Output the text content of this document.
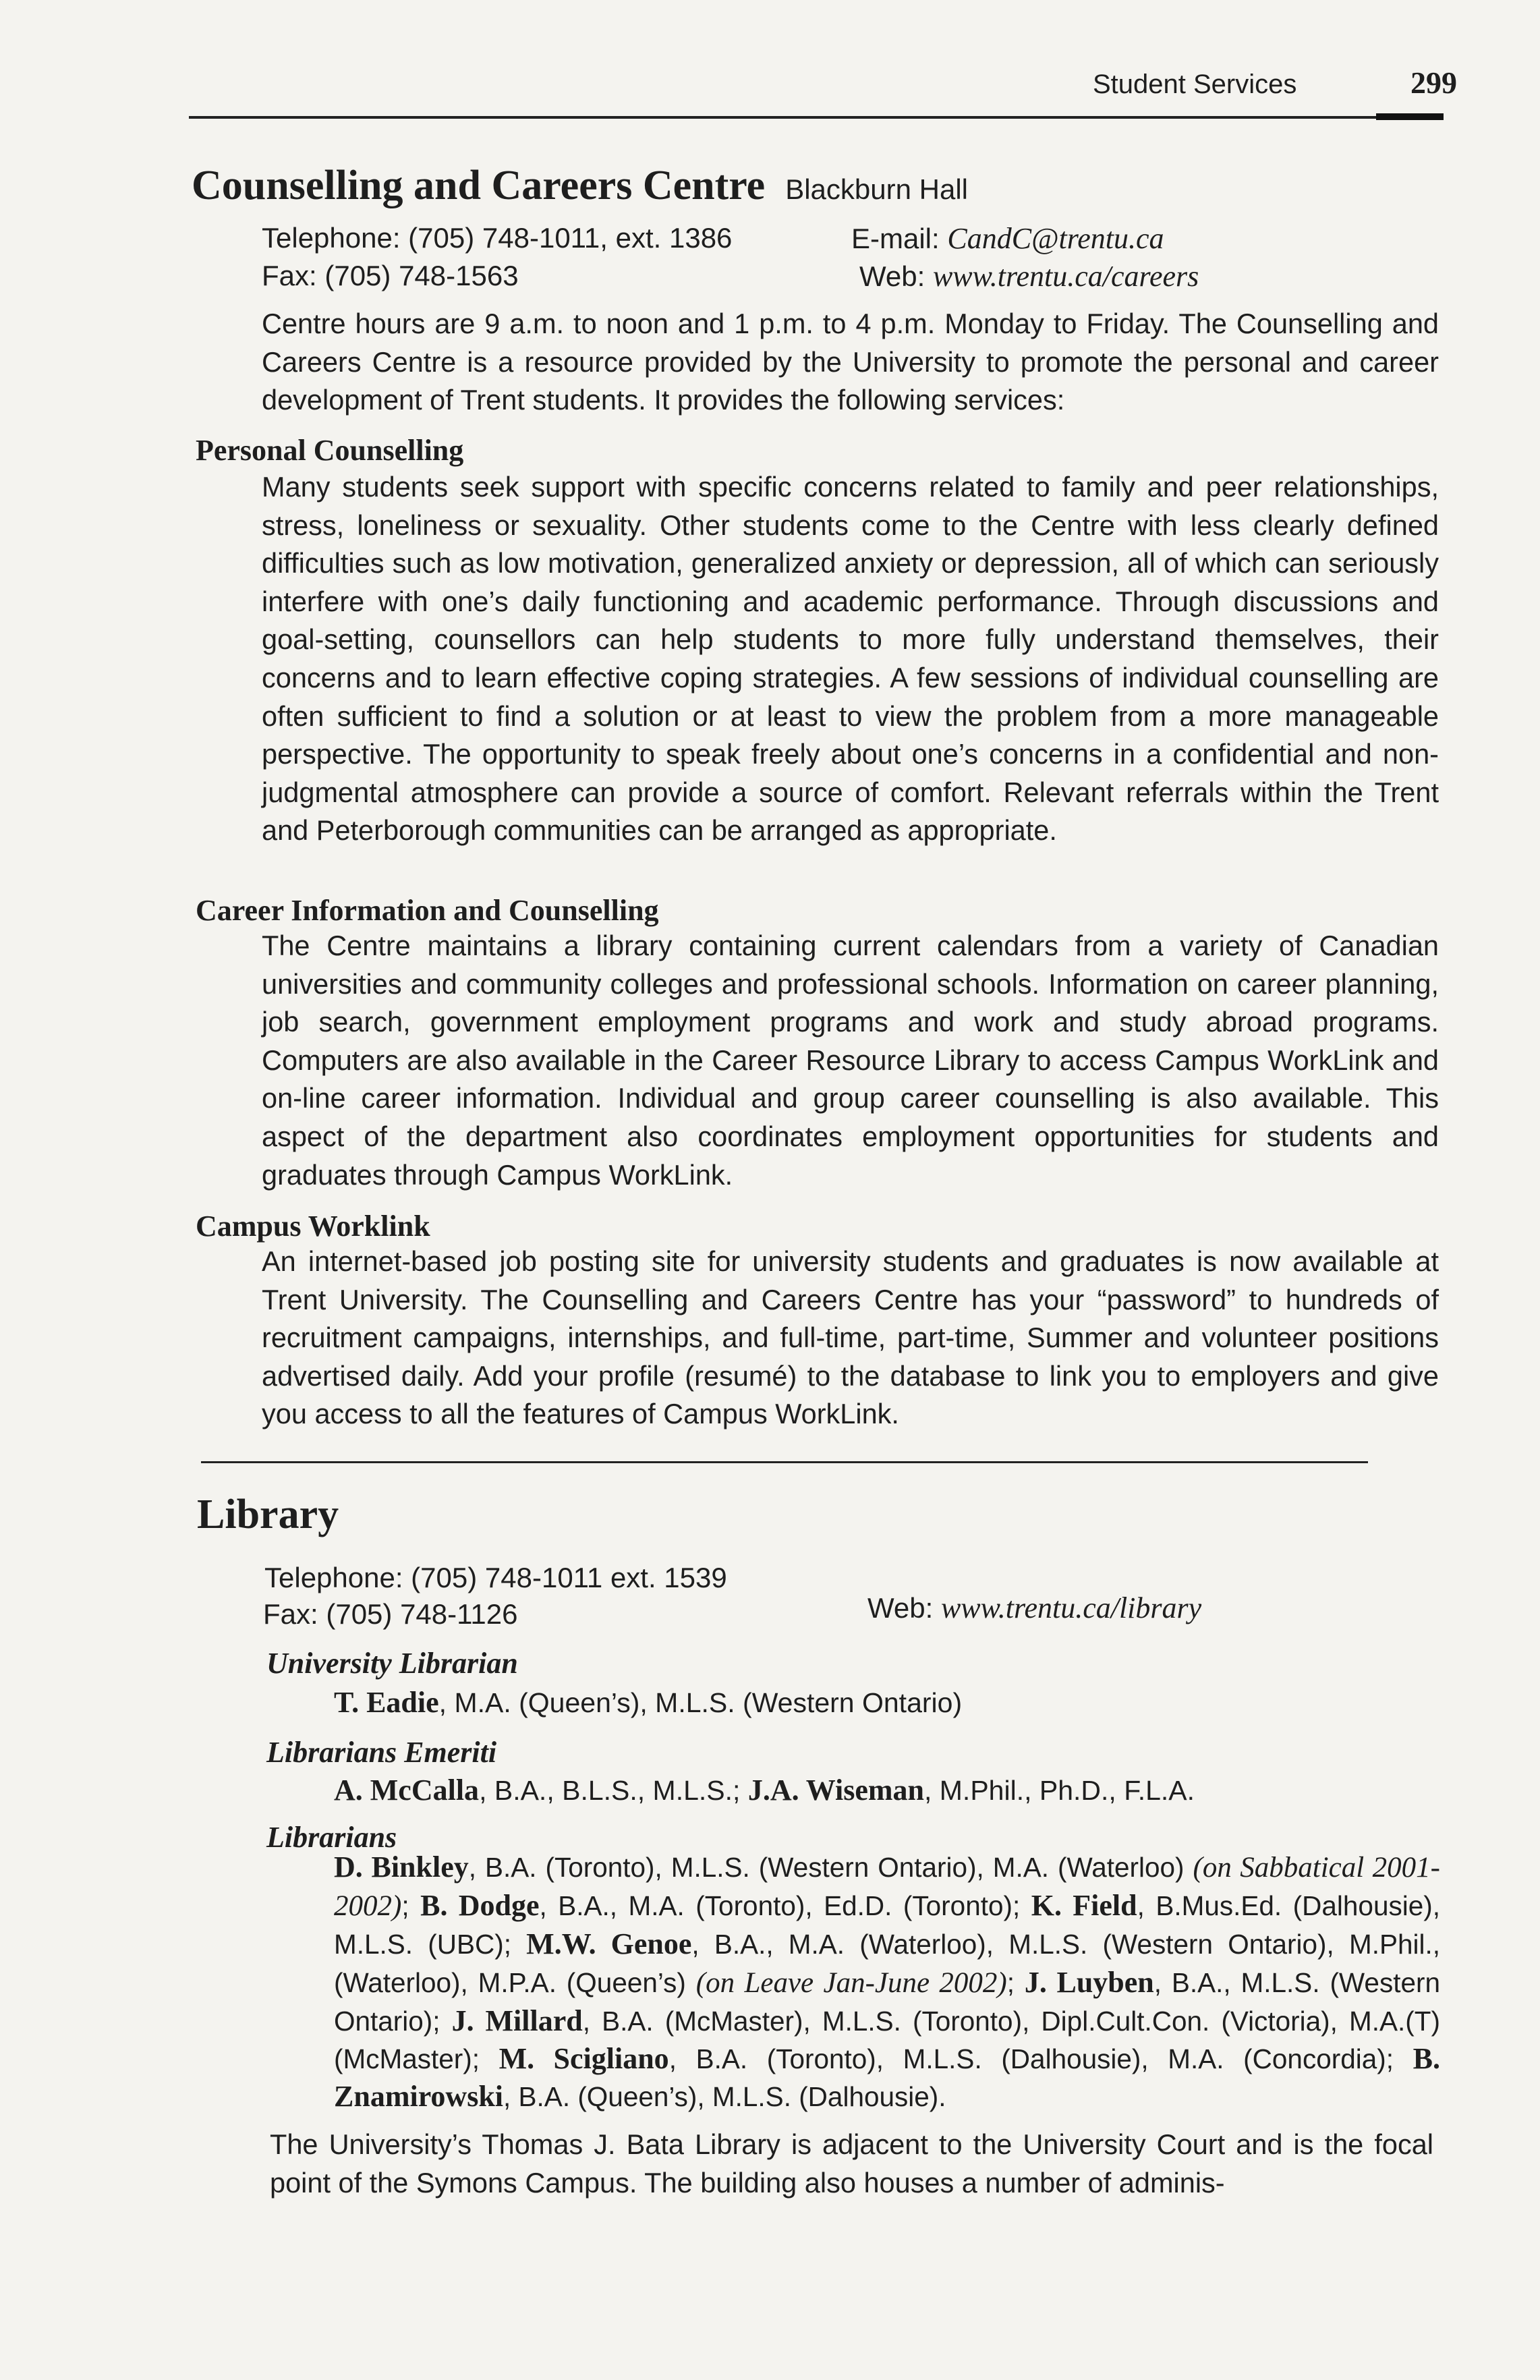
Student Services	299
Counselling and Careers Centre Blackburn Hall
Telephone: (705) 748-1011, ext. 1386	E-mail: CandC@trentu.ca
Fax: (705) 748-1563	Web: www.trentu.ca/careers

Centre hours are 9 a.m. to noon and 1 p.m. to 4 p.m. Monday to Friday. The Counselling and Careers Centre is a resource provided by the University to promote the personal and career development of Trent students. It provides the following services:

Personal Counselling

Many students seek support with specific concerns related to family and peer relationships, stress, loneliness or sexuality. Other students come to the Centre with less clearly defined difficulties such as low motivation, generalized anxiety or depression, all of which can seriously interfere with one’s daily functioning and academic performance. Through discussions and goal-setting, counsellors can help students to more fully understand themselves, their concerns and to learn effective coping strategies. A few sessions of individual counselling are often sufficient to find a solution or at least to view the problem from a more manageable perspective. The opportunity to speak freely about one’s concerns in a confidential and non-judgmental atmosphere can provide a source of comfort. Relevant referrals within the Trent and Peterborough communities can be arranged as appropriate.

Career Information and Counselling

The Centre maintains a library containing current calendars from a variety of Canadian universities and community colleges and professional schools. Information on career planning, job search, government employment programs and work and study abroad programs. Computers are also available in the Career Resource Library to access Campus WorkLink and on-line career information. Individual and group career counselling is also available. This aspect of the department also coordinates employment opportunities for students and graduates through Campus WorkLink.

Campus Worklink

An internet-based job posting site for university students and graduates is now available at Trent University. The Counselling and Careers Centre has your “password” to hundreds of recruitment campaigns, internships, and full-time, part-time, Summer and volunteer positions advertised daily. Add your profile (resumé) to the database to link you to employers and give you access to all the features of Campus WorkLink.

Library
Telephone: (705) 748-1011 ext. 1539
Fax: (705) 748-1126	Web: www.trentu.ca/library
University Librarian
T. Eadie, M.A. (Queen’s), M.L.S. (Western Ontario)
Librarians Emeriti
A. McCalla, B.A., B.L.S., M.L.S.; J.A. Wiseman, M.Phil., Ph.D., F.L.A.
Librarians

D. Binkley, B.A. (Toronto), M.L.S. (Western Ontario), M.A. (Waterloo) (on Sabbatical 2001-2002); B. Dodge, B.A., M.A. (Toronto), Ed.D. (Toronto); K. Field, B.Mus.Ed. (Dalhousie), M.L.S. (UBC); M.W. Genoe, B.A., M.A. (Waterloo), M.L.S. (Western Ontario), M.Phil., (Waterloo), M.P.A. (Queen’s) (on Leave Jan-June 2002); J. Luyben, B.A., M.L.S. (Western Ontario); J. Millard, B.A. (McMaster), M.L.S. (Toronto), Dipl.Cult.Con. (Victoria), M.A.(T) (McMaster); M. Scigliano, B.A. (Toronto), M.L.S. (Dalhousie), M.A. (Concordia); B. Znamirowski, B.A. (Queen’s), M.L.S. (Dalhousie).

The University’s Thomas J. Bata Library is adjacent to the University Court and is the focal point of the Symons Campus. The building also houses a number of adminis-
